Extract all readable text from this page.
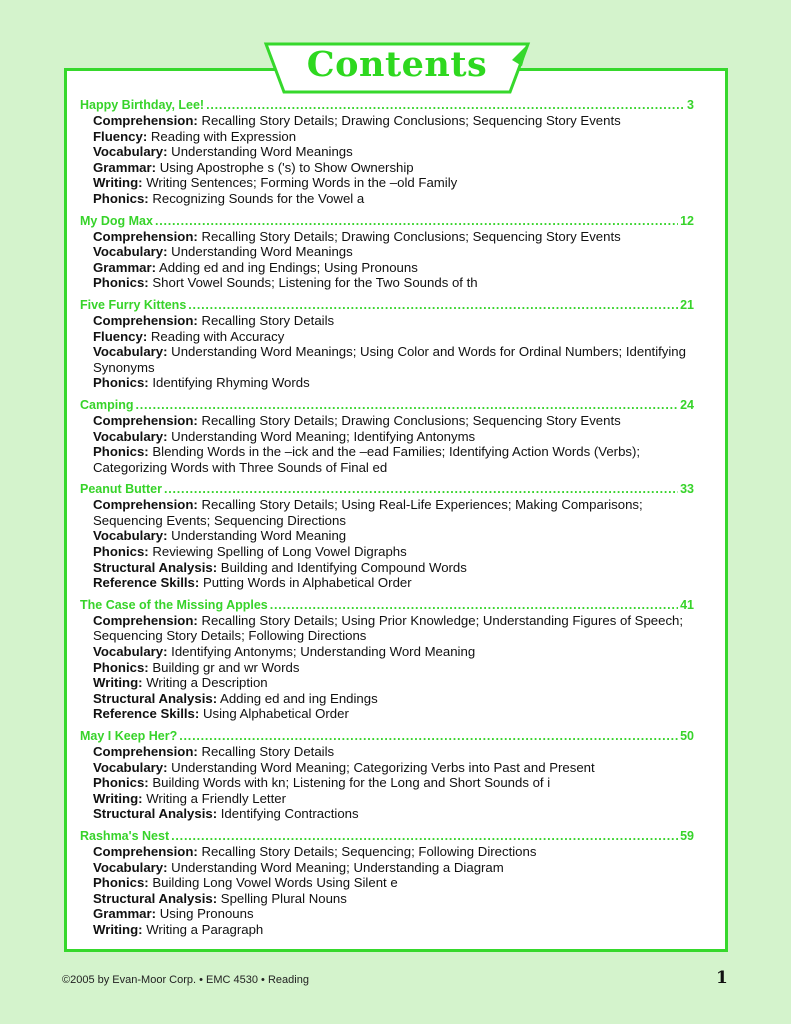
Contents
Happy Birthday, Lee! .....	3
Comprehension: Recalling Story Details; Drawing Conclusions; Sequencing Story Events
Fluency: Reading with Expression
Vocabulary: Understanding Word Meanings
Grammar: Using Apostrophe s ('s) to Show Ownership
Writing: Writing Sentences; Forming Words in the –old Family
Phonics: Recognizing Sounds for the Vowel a
My Dog Max .....	12
Comprehension: Recalling Story Details; Drawing Conclusions; Sequencing Story Events
Vocabulary: Understanding Word Meanings
Grammar: Adding ed and ing Endings; Using Pronouns
Phonics: Short Vowel Sounds; Listening for the Two Sounds of th
Five Furry Kittens .....	21
Comprehension: Recalling Story Details
Fluency: Reading with Accuracy
Vocabulary: Understanding Word Meanings; Using Color and Words for Ordinal Numbers; Identifying Synonyms
Phonics: Identifying Rhyming Words
Camping .....	24
Comprehension: Recalling Story Details; Drawing Conclusions; Sequencing Story Events
Vocabulary: Understanding Word Meaning; Identifying Antonyms
Phonics: Blending Words in the –ick and the –ead Families; Identifying Action Words (Verbs); Categorizing Words with Three Sounds of Final ed
Peanut Butter .....	33
Comprehension: Recalling Story Details; Using Real-Life Experiences; Making Comparisons; Sequencing Events; Sequencing Directions
Vocabulary: Understanding Word Meaning
Phonics: Reviewing Spelling of Long Vowel Digraphs
Structural Analysis: Building and Identifying Compound Words
Reference Skills: Putting Words in Alphabetical Order
The Case of the Missing Apples .....	41
Comprehension: Recalling Story Details; Using Prior Knowledge; Understanding Figures of Speech; Sequencing Story Details; Following Directions
Vocabulary: Identifying Antonyms; Understanding Word Meaning
Phonics: Building gr and wr Words
Writing: Writing a Description
Structural Analysis: Adding ed and ing Endings
Reference Skills: Using Alphabetical Order
May I Keep Her? .....	50
Comprehension: Recalling Story Details
Vocabulary: Understanding Word Meaning; Categorizing Verbs into Past and Present
Phonics: Building Words with kn; Listening for the Long and Short Sounds of i
Writing: Writing a Friendly Letter
Structural Analysis: Identifying Contractions
Rashma's Nest .....	59
Comprehension: Recalling Story Details; Sequencing; Following Directions
Vocabulary: Understanding Word Meaning; Understanding a Diagram
Phonics: Building Long Vowel Words Using Silent e
Structural Analysis: Spelling Plural Nouns
Grammar: Using Pronouns
Writing: Writing a Paragraph
©2005 by Evan-Moor Corp. • EMC 4530 • Reading	1
